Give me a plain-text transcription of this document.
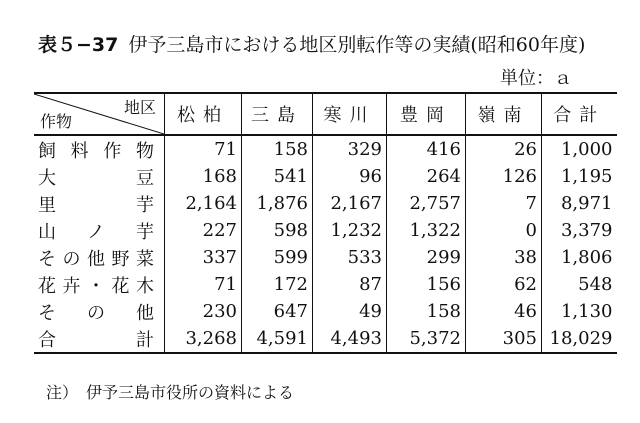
表５−37 伊予三島市における地区別転作等の実績(昭和60年度)
単位：ａ
地区
作物	松柏	三島	寒川	豊岡	嶺南	合計
飼料作物	71	158	329	416	26	1,000
大豆	168	541	96	264	126	1,195
里芋	2,164	1,876	2,167	2,757	7	8,971
山ノ芋	227	598	1,232	1,322	0	3,379
その他野菜	337	599	533	299	38	1,806
花卉・花木	71	172	87	156	62	548
その他	230	647	49	158	46	1,130
合計	3,268	4,591	4,493	5,372	305	18,029
注）　伊予三島市役所の資料による
